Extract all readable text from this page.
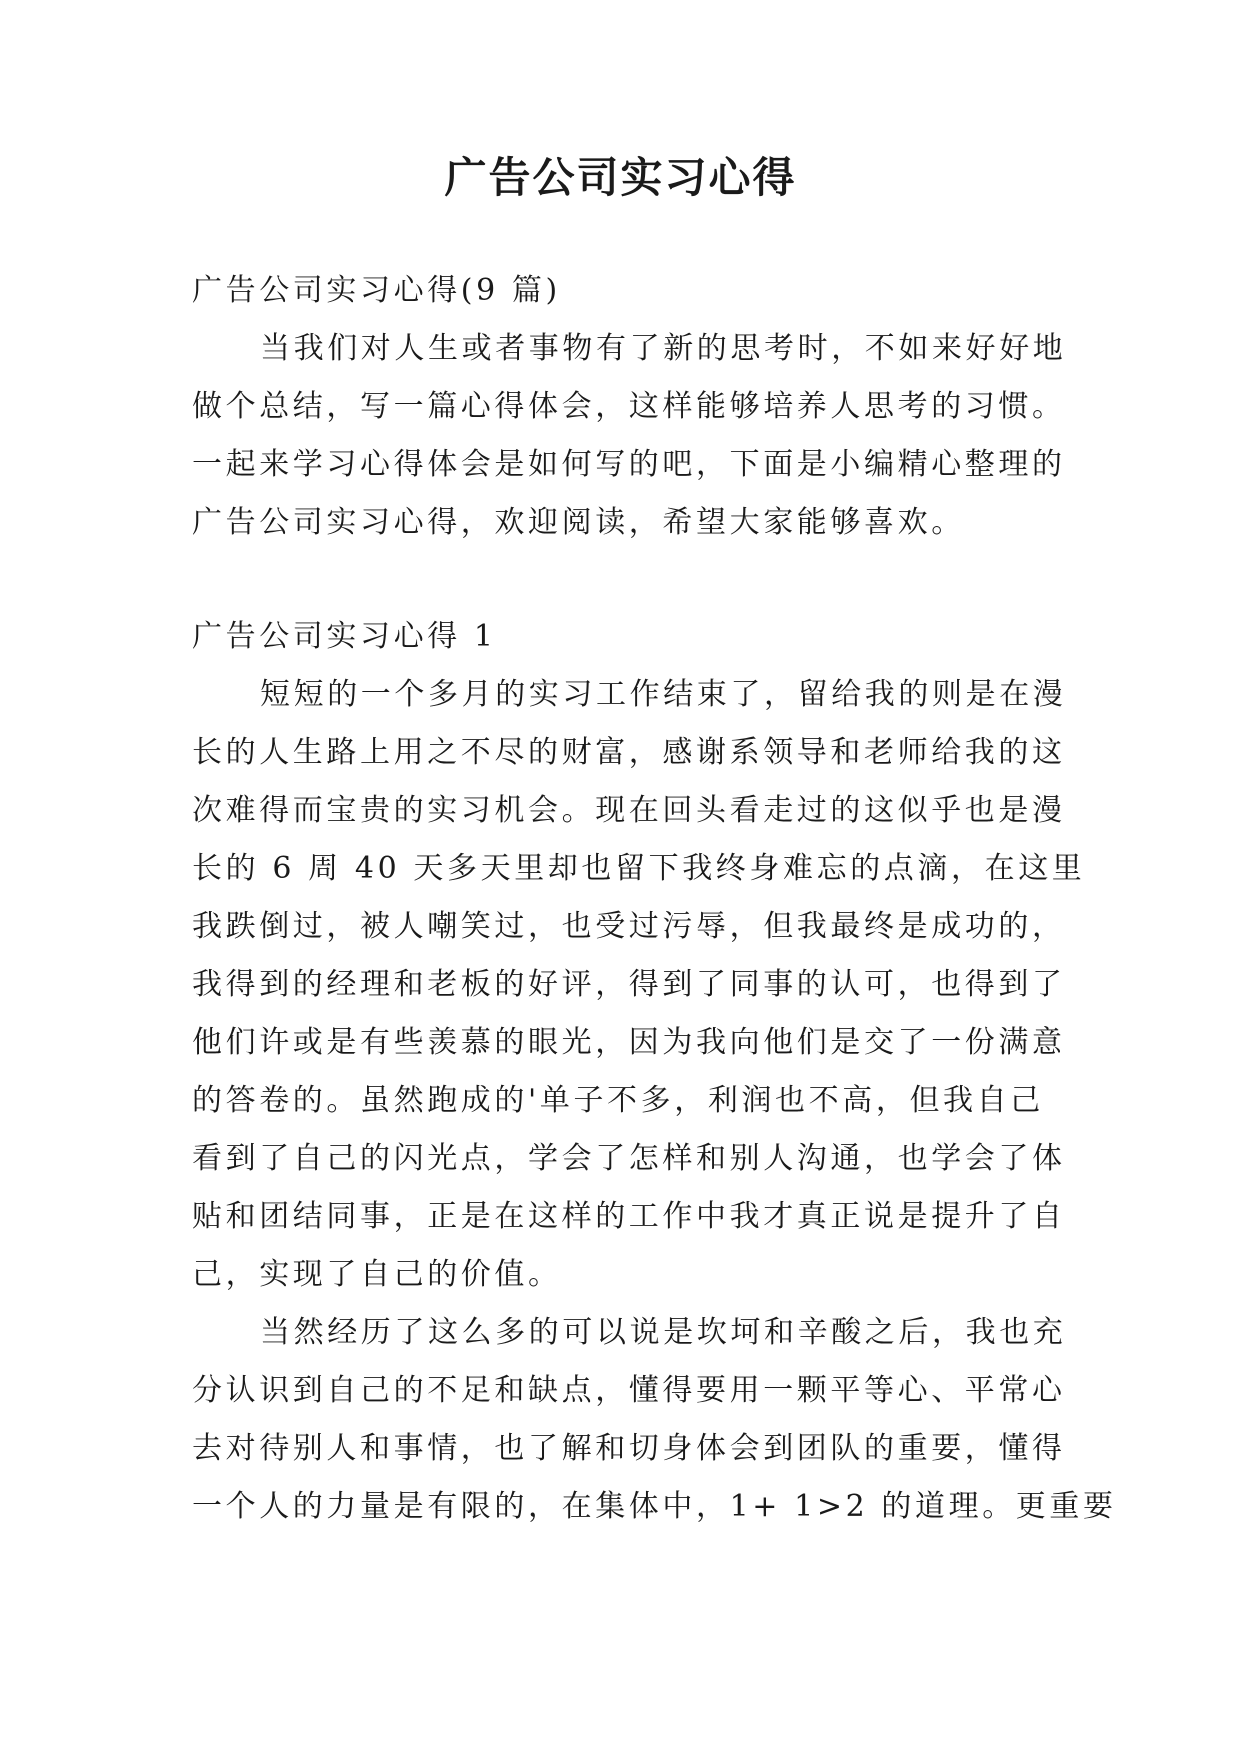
广告公司实习心得

广告公司实习心得(9 篇)

当我们对人生或者事物有了新的思考时，不如来好好地

做个总结，写一篇心得体会，这样能够培养人思考的习惯。

一起来学习心得体会是如何写的吧，下面是小编精心整理的

广告公司实习心得，欢迎阅读，希望大家能够喜欢。

广告公司实习心得 1

短短的一个多月的实习工作结束了，留给我的则是在漫

长的人生路上用之不尽的财富，感谢系领导和老师给我的这

次难得而宝贵的实习机会。现在回头看走过的这似乎也是漫

长的 6 周 40 天多天里却也留下我终身难忘的点滴，在这里

我跌倒过，被人嘲笑过，也受过污辱，但我最终是成功的，

我得到的经理和老板的好评，得到了同事的认可，也得到了

他们许或是有些羡慕的眼光，因为我向他们是交了一份满意

的答卷的。虽然跑成的'单子不多，利润也不高，但我自己

看到了自己的闪光点，学会了怎样和别人沟通，也学会了体

贴和团结同事，正是在这样的工作中我才真正说是提升了自

己，实现了自己的价值。

当然经历了这么多的可以说是坎坷和辛酸之后，我也充

分认识到自己的不足和缺点，懂得要用一颗平等心、平常心

去对待别人和事情，也了解和切身体会到团队的重要，懂得

一个人的力量是有限的，在集体中，1+ 1>2 的道理。更重要
